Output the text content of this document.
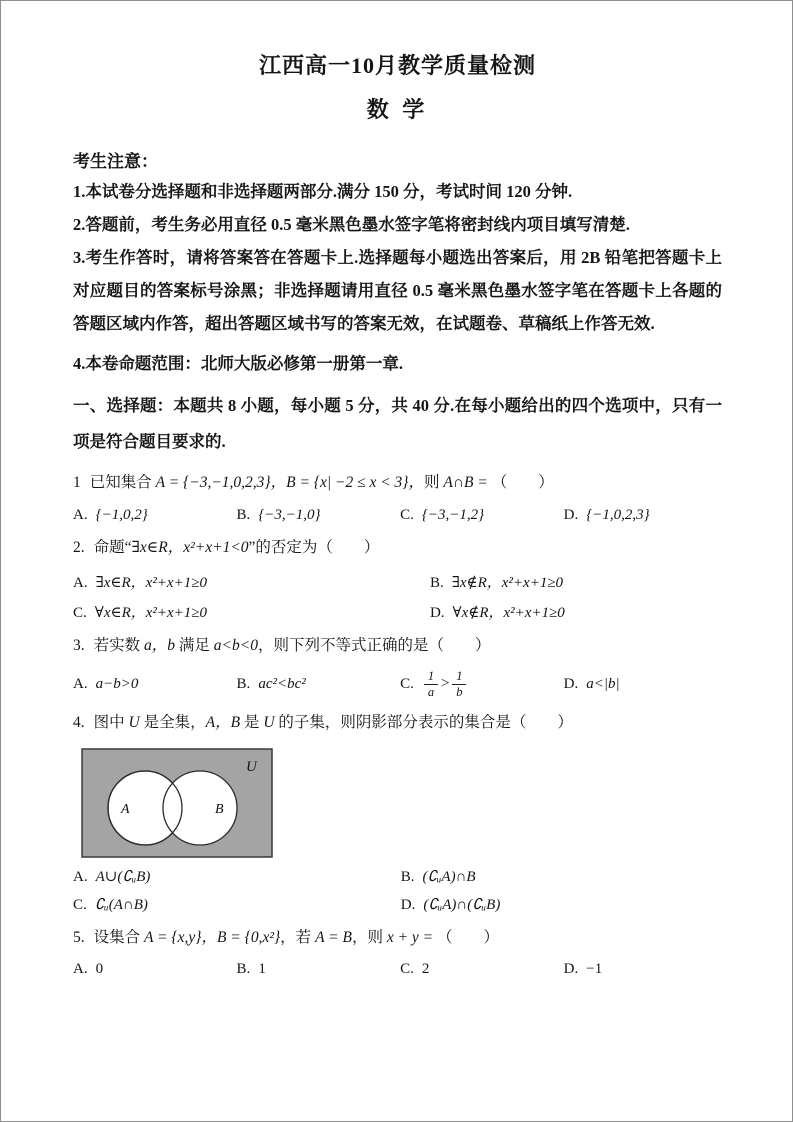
江西高一10月教学质量检测
数 学
考生注意：
1.本试卷分选择题和非选择题两部分.满分 150 分，考试时间 120 分钟.
2.答题前，考生务必用直径 0.5 毫米黑色墨水签字笔将密封线内项目填写清楚.
3.考生作答时，请将答案答在答题卡上.选择题每小题选出答案后，用 2B 铅笔把答题卡上对应题目的答案标号涂黑；非选择题请用直径 0.5 毫米黑色墨水签字笔在答题卡上各题的答题区域内作答，超出答题区域书写的答案无效，在试题卷、草稿纸上作答无效.
4.本卷命题范围：北师大版必修第一册第一章.
一、选择题：本题共 8 小题，每小题 5 分，共 40 分.在每小题给出的四个选项中，只有一项是符合题目要求的.
1 已知集合 A = {−3,−1,0,2,3}，B = {x| −2 ≤ x < 3}，则 A∩B = （　　）
A. {−1,0,2}	B. {−3,−1,0}	C. {−3,−1,2}	D. {−1,0,2,3}
2. 命题“∃x∈R，x²+x+1<0”的否定为（　　）
A. ∃x∈R，x²+x+1≥0	B. ∃x∉R，x²+x+1≥0
C. ∀x∈R，x²+x+1≥0	D. ∀x∉R，x²+x+1≥0
3. 若实数 a，b 满足 a<b<0，则下列不等式正确的是（　　）
A. a−b>0	B. ac²<bc²	C. $\frac{1}{a} > \frac{1}{b}$	D. a<|b|
4. 图中 U 是全集，A，B 是 U 的子集，则阴影部分表示的集合是（　　）
U
A	B
A. A∪(∁ᵤB)	B. (∁ᵤA)∩B
C. ∁ᵤ(A∩B)	D. (∁ᵤA)∩(∁ᵤB)
5. 设集合 A = {x,y}，B = {0,x²}，若 A = B，则 x + y = （　　）
A. 0	B. 1	C. 2	D. −1
